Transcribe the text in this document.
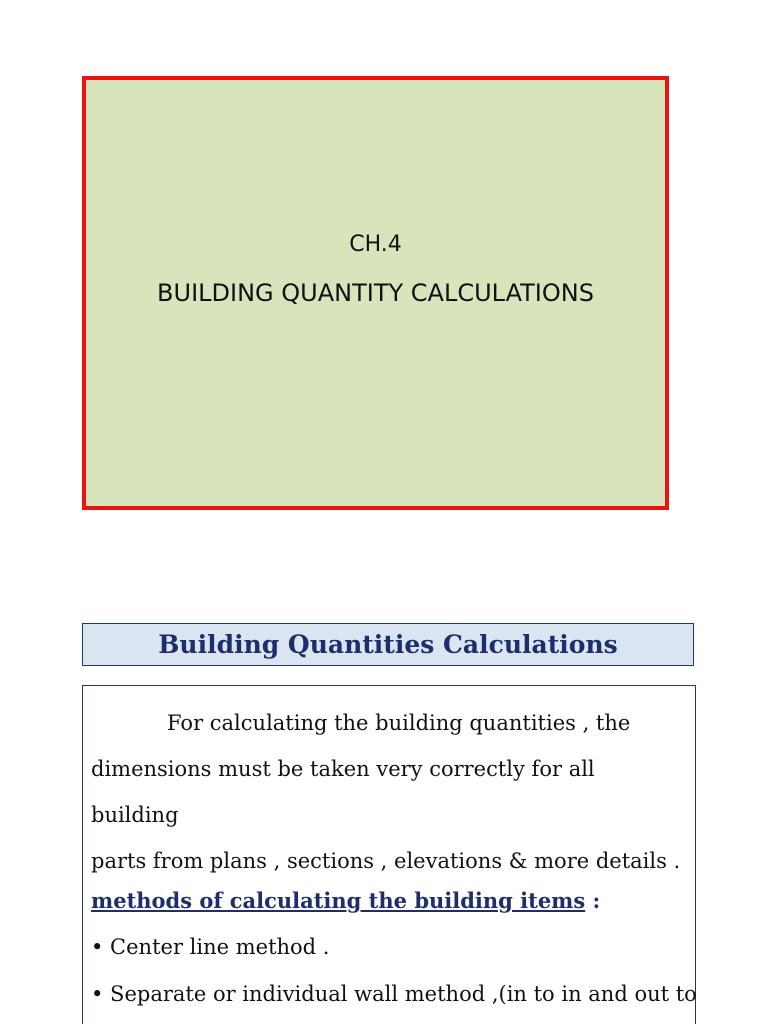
CH.4
BUILDING QUANTITY CALCULATIONS
Building Quantities Calculations
For calculating the building quantities , the
dimensions must be taken very correctly for all building
parts from plans , sections , elevations & more details .
methods of calculating the building items :
• Center line method .
• Separate or individual wall method ,(in to in and out to
